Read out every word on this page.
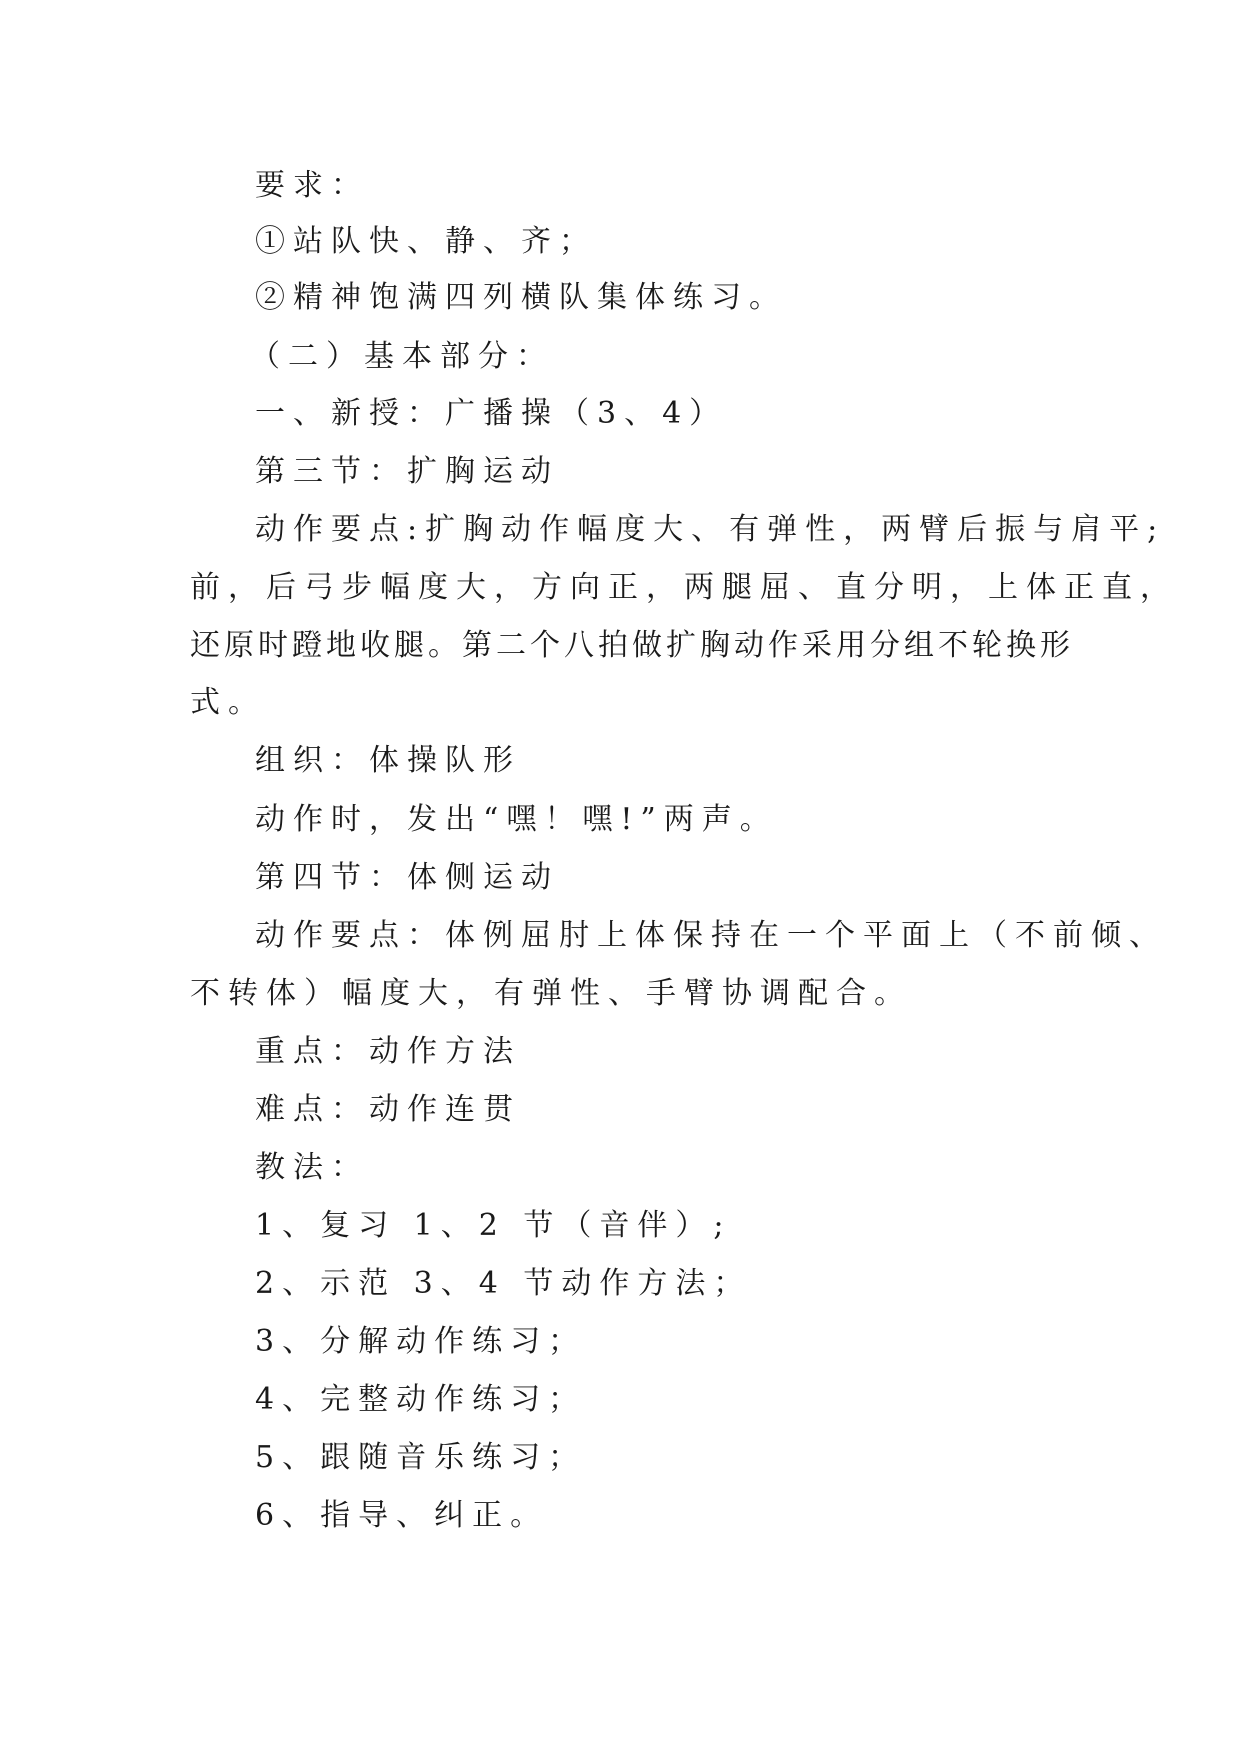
要求：
①站队快、静、齐；
②精神饱满四列横队集体练习。
（二）基本部分：
一、新授：广播操（3、4）
第三节：扩胸运动
动作要点:扩胸动作幅度大、有弹性，两臂后振与肩平;
前，后弓步幅度大，方向正，两腿屈、直分明，上体正直，
还原时蹬地收腿。第二个八拍做扩胸动作采用分组不轮换形
式。
组织：体操队形
动作时，发出“嘿！嘿!”两声。
第四节：体侧运动
动作要点：体例屈肘上体保持在一个平面上（不前倾、
不转体）幅度大，有弹性、手臂协调配合。
重点：动作方法
难点：动作连贯
教法：
1、复习 1、2 节（音伴）;
2、示范 3、4 节动作方法；
3、分解动作练习；
4、完整动作练习；
5、跟随音乐练习；
6、指导、纠正。
